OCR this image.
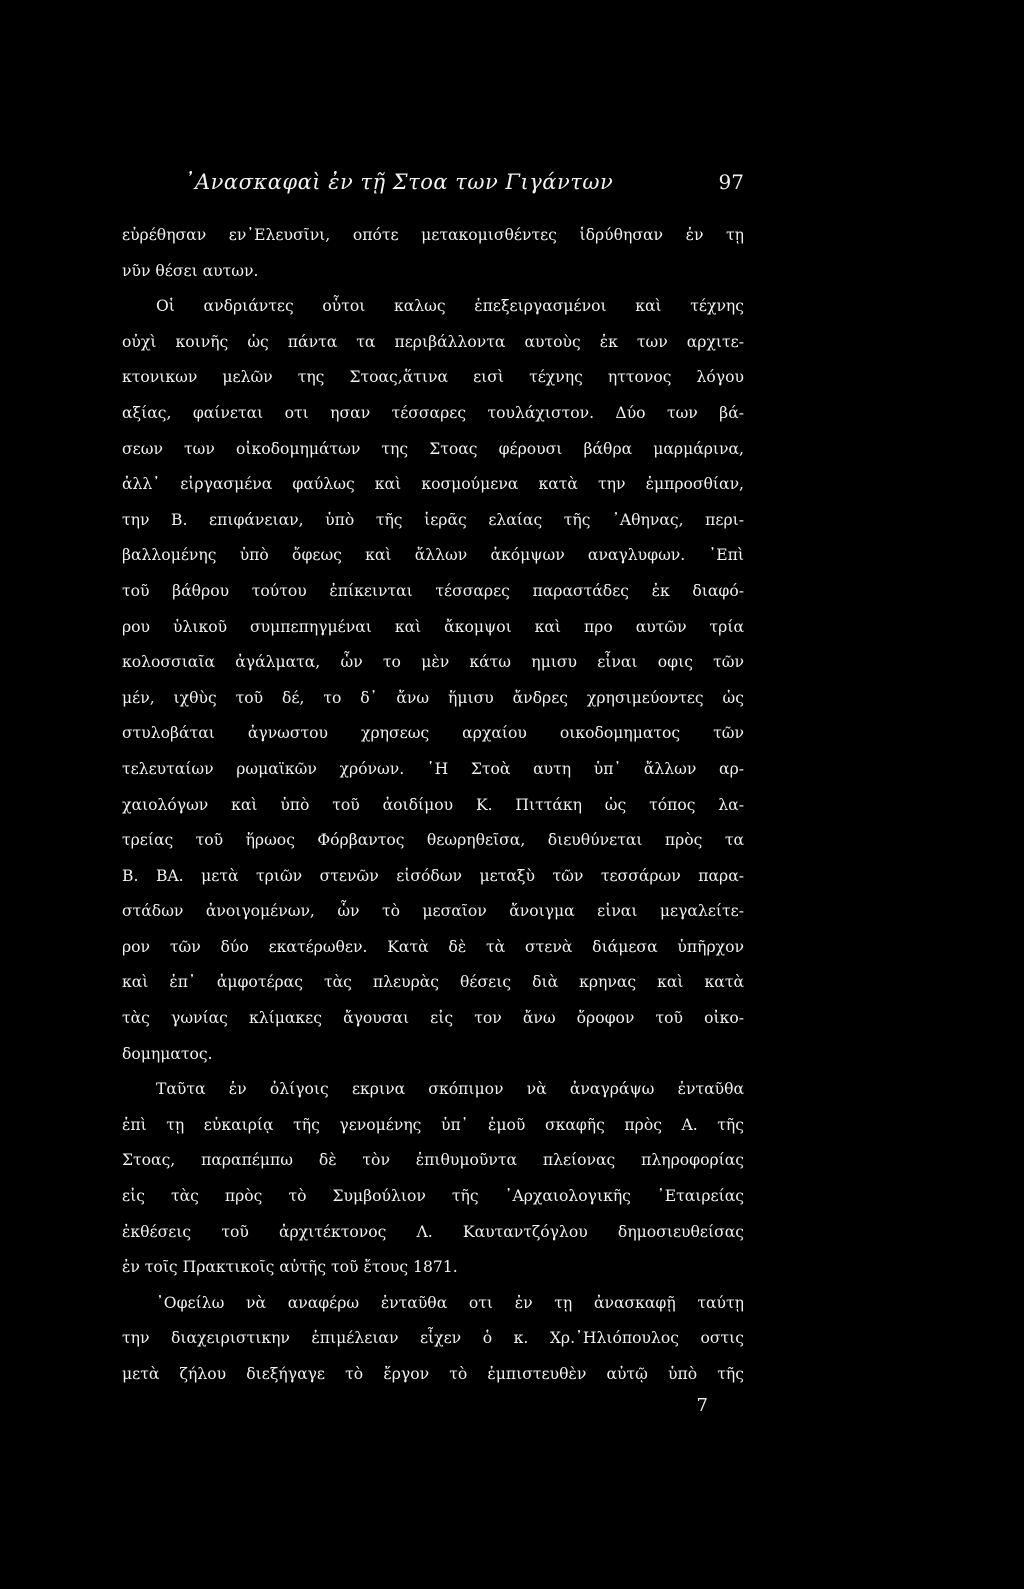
᾿Ανασκαφαὶ ἐν τῇ Στοα των Γιγάντων	97
εὑρέθησαν εν᾿Ελευσῖνι, οπότε μετακομισθέντες ἱδρύθησαν ἐν τῃ
νῦν θέσει αυτων.
Οἱ ανδριάντες οὗτοι καλως ἐπεξειργασμένοι καὶ τέχνης
οὐχὶ κοινῆς ὡς πάντα τα περιβάλλοντα αυτοὺς ἐκ των αρχιτε-
κτονικων μελῶν της Στοας,ἅτινα εισὶ τέχνης ηττονος λόγου
αξίας, φαίνεται οτι ησαν τέσσαρες τουλάχιστον. Δύο των βά-
σεων των οἰκοδομημάτων της Στοας φέρουσι βάθρα μαρμάρινα,
ἀλλ᾿ εἰργασμένα φαύλως καὶ κοσμούμενα κατὰ την ἐμπροσθίαν,
την Β. επιφάνειαν, ὑπὸ τῆς ἱερᾶς ελαίας τῆς ᾿Αθηνας, περι-
βαλλομένης ὑπὸ ὄφεως καὶ ἄλλων ἀκόμψων αναγλυφων. ᾿Επὶ
τοῦ βάθρου τούτου ἐπίκεινται τέσσαρες παραστάδες ἐκ διαφό-
ρου ὑλικοῦ συμπεπηγμέναι καὶ ἄκομψοι καὶ προ αυτῶν τρία
κολοσσιαῖα ἀγάλματα, ὧν το μὲν κάτω ημισυ εἶναι οφις τῶν
μέν, ιχθὺς τοῦ δέ, το δ᾿ ἄνω ἥμισυ ἄνδρες χρησιμεύοντες ὡς
στυλοβάται ἀγνωστου χρησεως αρχαίου οικοδομηματος τῶν
τελευταίων ρωμαϊκῶν χρόνων. ῾Η Στοὰ αυτη ὑπ᾿ ἄλλων αρ-
χαιολόγων καὶ ὑπὸ τοῦ ἀοιδίμου Κ. Πιττάκη ὡς τόπος λα-
τρείας τοῦ ἥρωος Φόρβαντος θεωρηθεῖσα, διευθύνεται πρὸς τα
Β. ΒΑ. μετὰ τριῶν στενῶν εἰσόδων μεταξὺ τῶν τεσσάρων παρα-
στάδων ἀνοιγομένων, ὧν τὸ μεσαῖον ἄνοιγμα εἰναι μεγαλείτε-
ρον τῶν δύο εκατέρωθεν. Κατὰ δὲ τὰ στενὰ διάμεσα ὑπῆρχον
καὶ ἐπ᾿ ἀμφοτέρας τὰς πλευρὰς θέσεις διὰ κρηνας καὶ κατὰ
τὰς γωνίας κλίμακες ἄγουσαι εἰς τον ἄνω ὄροφον τοῦ οἰκο-
δομηματος.
Ταῦτα ἐν ὀλίγοις εκρινα σκόπιμον νὰ ἀναγράψω ἐνταῦθα
ἐπὶ τῃ εὐκαιρίᾳ τῆς γενομένης ὑπ᾿ ἐμοῦ σκαφῆς πρὸς Α. τῆς
Στοας, παραπέμπω δὲ τὸν ἐπιθυμοῦντα πλείονας πληροφορίας
εἰς τὰς πρὸς τὸ Συμβούλιον τῆς ᾿Αρχαιολογικῆς ᾿Εταιρείας
ἐκθέσεις τοῦ ἀρχιτέκτονος Λ. Καυταντζόγλου δημοσιευθείσας
ἐν τοῖς Πρακτικοῖς αὐτῆς τοῦ ἔτους 1871.
᾿Οφείλω νὰ αναφέρω ἐνταῦθα οτι ἐν τῃ ἀνασκαφῇ ταύτῃ
την διαχειριστικην ἐπιμέλειαν εἶχεν ὁ κ. Χρ.᾿Ηλιόπουλος οστις
μετὰ ζήλου διεξήγαγε τὸ ἔργον τὸ ἐμπιστευθὲν αὐτῷ ὑπὸ τῆς
7
